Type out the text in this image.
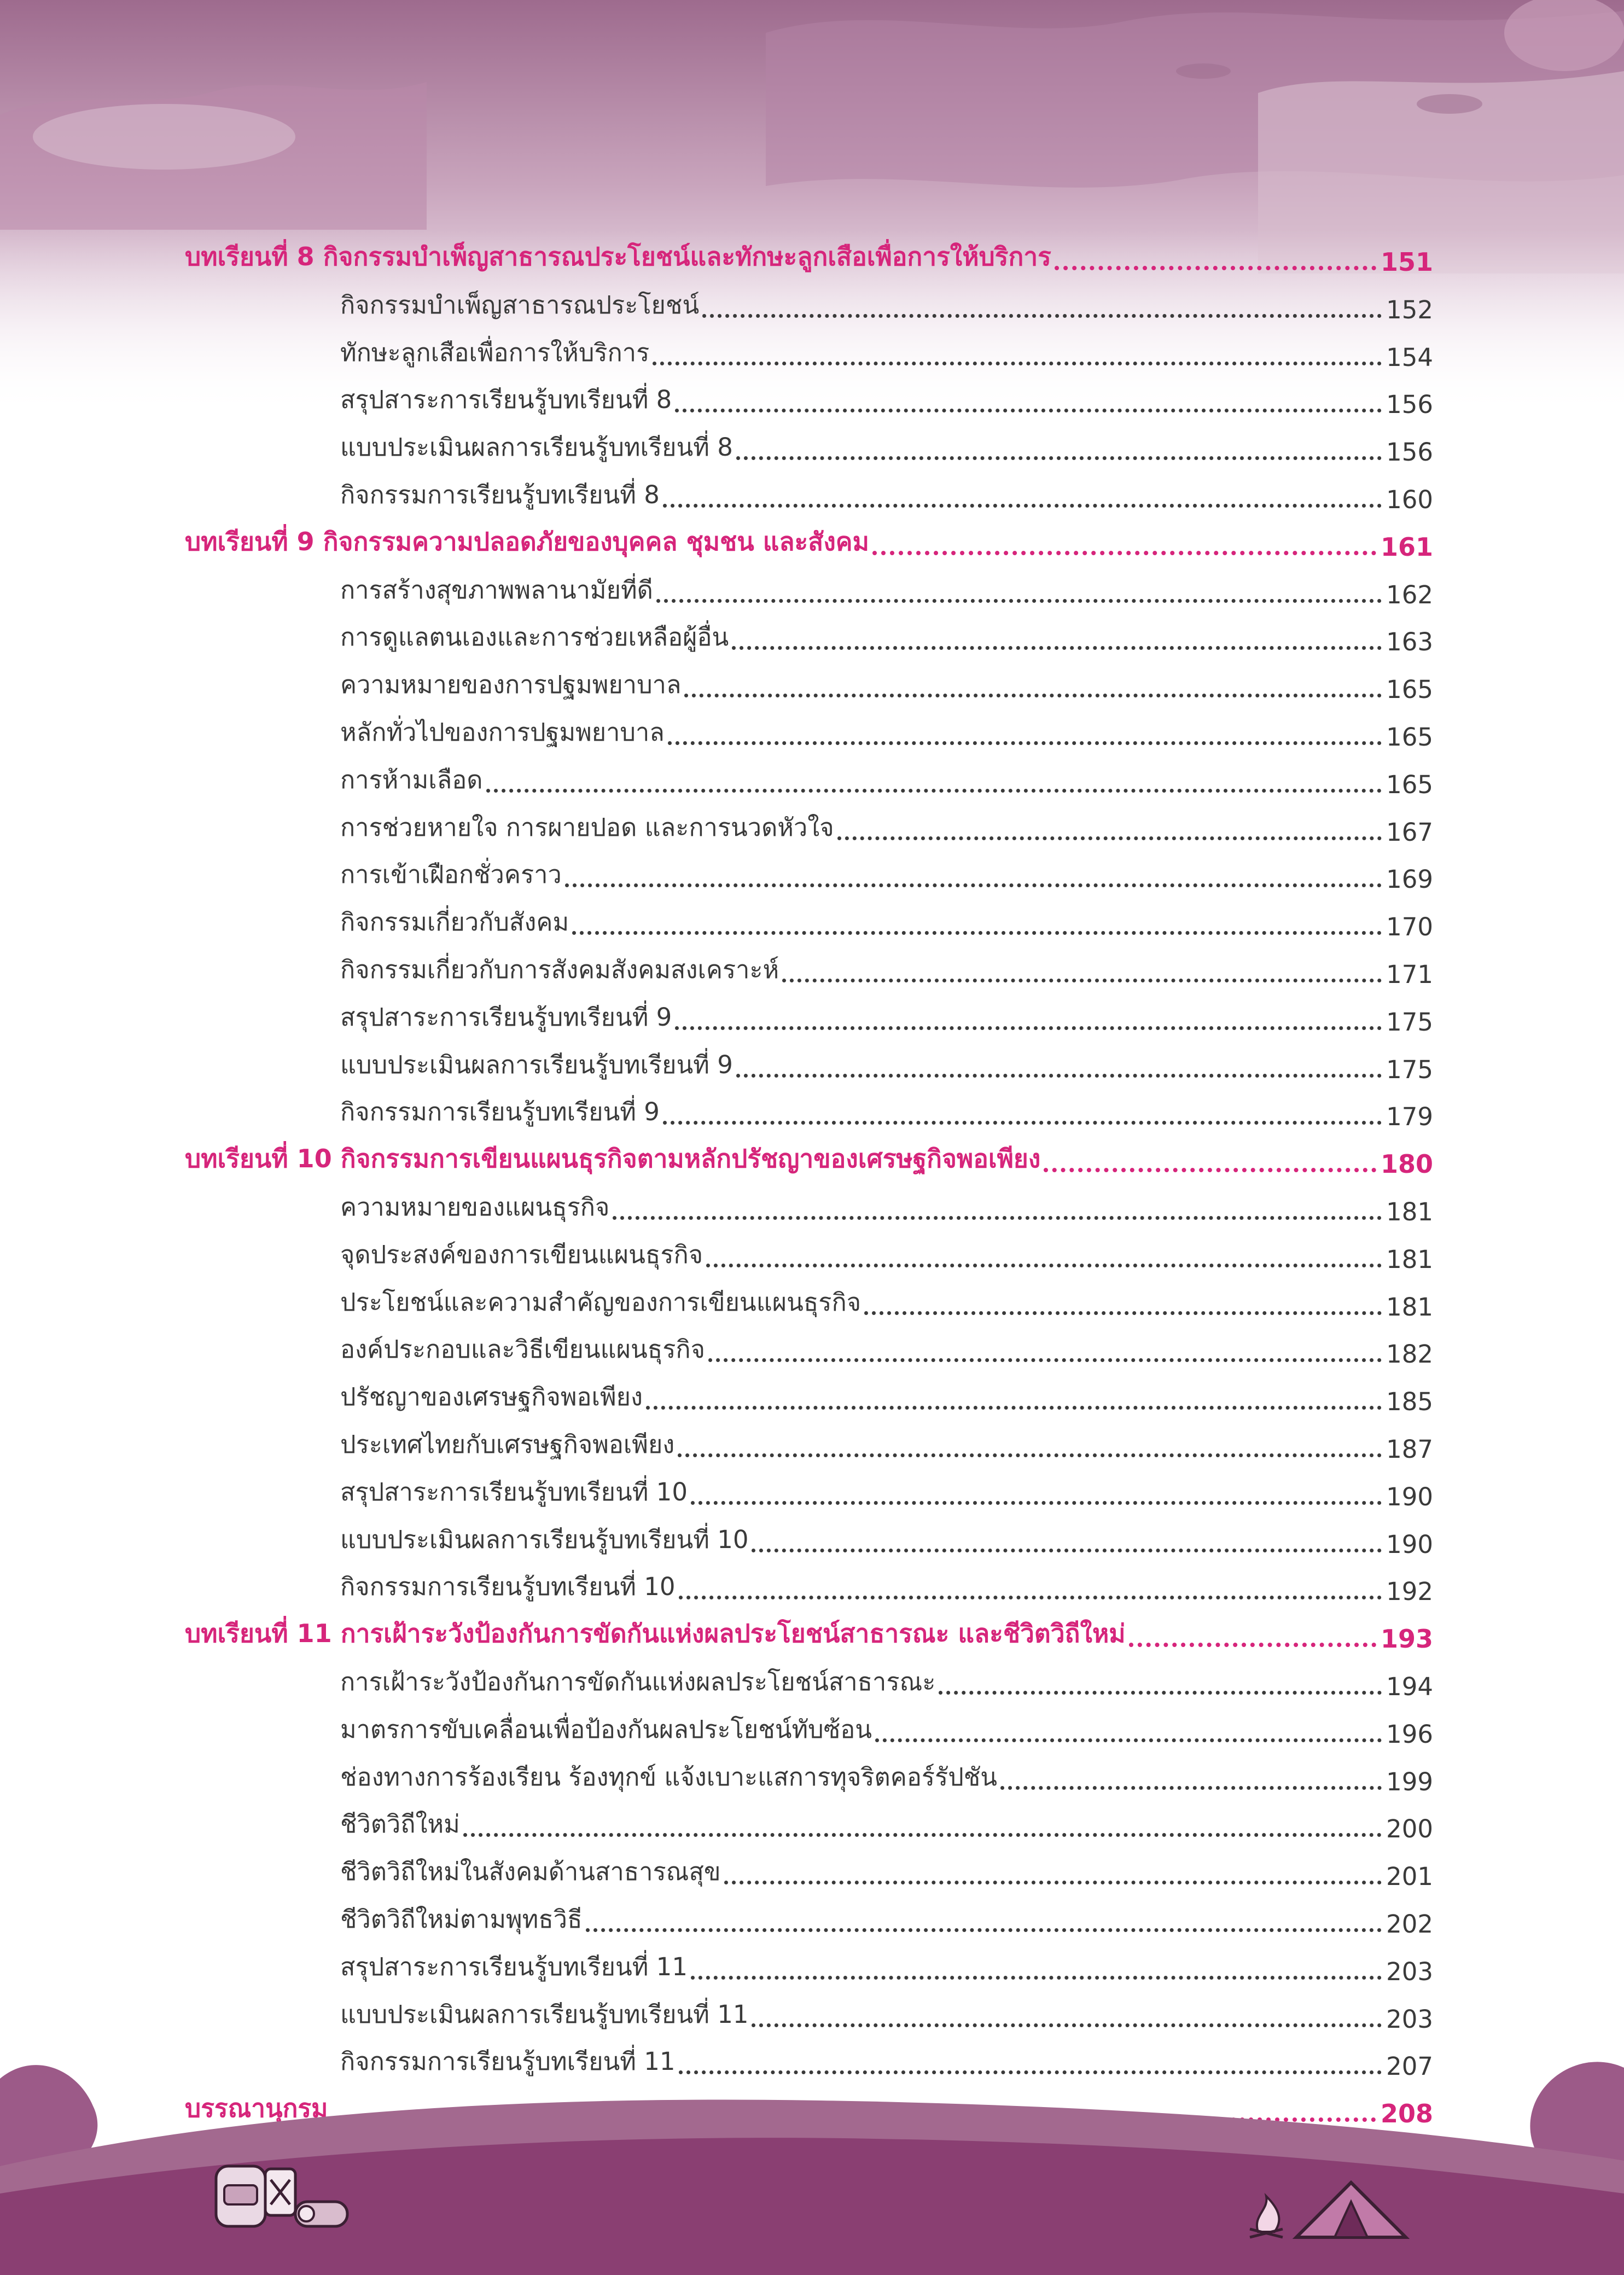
บทเรียนที่ 8 กิจกรรมบำเพ็ญสาธารณประโยชน์และทักษะลูกเสือเพื่อการให้บริการ	151
กิจกรรมบำเพ็ญสาธารณประโยชน์	152
ทักษะลูกเสือเพื่อการให้บริการ	154
สรุปสาระการเรียนรู้บทเรียนที่ 8	156
แบบประเมินผลการเรียนรู้บทเรียนที่ 8	156
กิจกรรมการเรียนรู้บทเรียนที่ 8	160
บทเรียนที่ 9 กิจกรรมความปลอดภัยของบุคคล ชุมชน และสังคม	161
การสร้างสุขภาพพลานามัยที่ดี	162
การดูแลตนเองและการช่วยเหลือผู้อื่น	163
ความหมายของการปฐมพยาบาล	165
หลักทั่วไปของการปฐมพยาบาล	165
การห้ามเลือด	165
การช่วยหายใจ การผายปอด และการนวดหัวใจ	167
การเข้าเฝือกชั่วคราว	169
กิจกรรมเกี่ยวกับสังคม	170
กิจกรรมเกี่ยวกับการสังคมสังคมสงเคราะห์	171
สรุปสาระการเรียนรู้บทเรียนที่ 9	175
แบบประเมินผลการเรียนรู้บทเรียนที่ 9	175
กิจกรรมการเรียนรู้บทเรียนที่ 9	179
บทเรียนที่ 10 กิจกรรมการเขียนแผนธุรกิจตามหลักปรัชญาของเศรษฐกิจพอเพียง	180
ความหมายของแผนธุรกิจ	181
จุดประสงค์ของการเขียนแผนธุรกิจ	181
ประโยชน์และความสำคัญของการเขียนแผนธุรกิจ	181
องค์ประกอบและวิธีเขียนแผนธุรกิจ	182
ปรัชญาของเศรษฐกิจพอเพียง	185
ประเทศไทยกับเศรษฐกิจพอเพียง	187
สรุปสาระการเรียนรู้บทเรียนที่ 10	190
แบบประเมินผลการเรียนรู้บทเรียนที่ 10	190
กิจกรรมการเรียนรู้บทเรียนที่ 10	192
บทเรียนที่ 11 การเฝ้าระวังป้องกันการขัดกันแห่งผลประโยชน์สาธารณะ และชีวิตวิถีใหม่	193
การเฝ้าระวังป้องกันการขัดกันแห่งผลประโยชน์สาธารณะ	194
มาตรการขับเคลื่อนเพื่อป้องกันผลประโยชน์ทับซ้อน	196
ช่องทางการร้องเรียน ร้องทุกข์ แจ้งเบาะแสการทุจริตคอร์รัปชัน	199
ชีวิตวิถีใหม่	200
ชีวิตวิถีใหม่ในสังคมด้านสาธารณสุข	201
ชีวิตวิถีใหม่ตามพุทธวิธี	202
สรุปสาระการเรียนรู้บทเรียนที่ 11	203
แบบประเมินผลการเรียนรู้บทเรียนที่ 11	203
กิจกรรมการเรียนรู้บทเรียนที่ 11	207
บรรณานุกรม	208
